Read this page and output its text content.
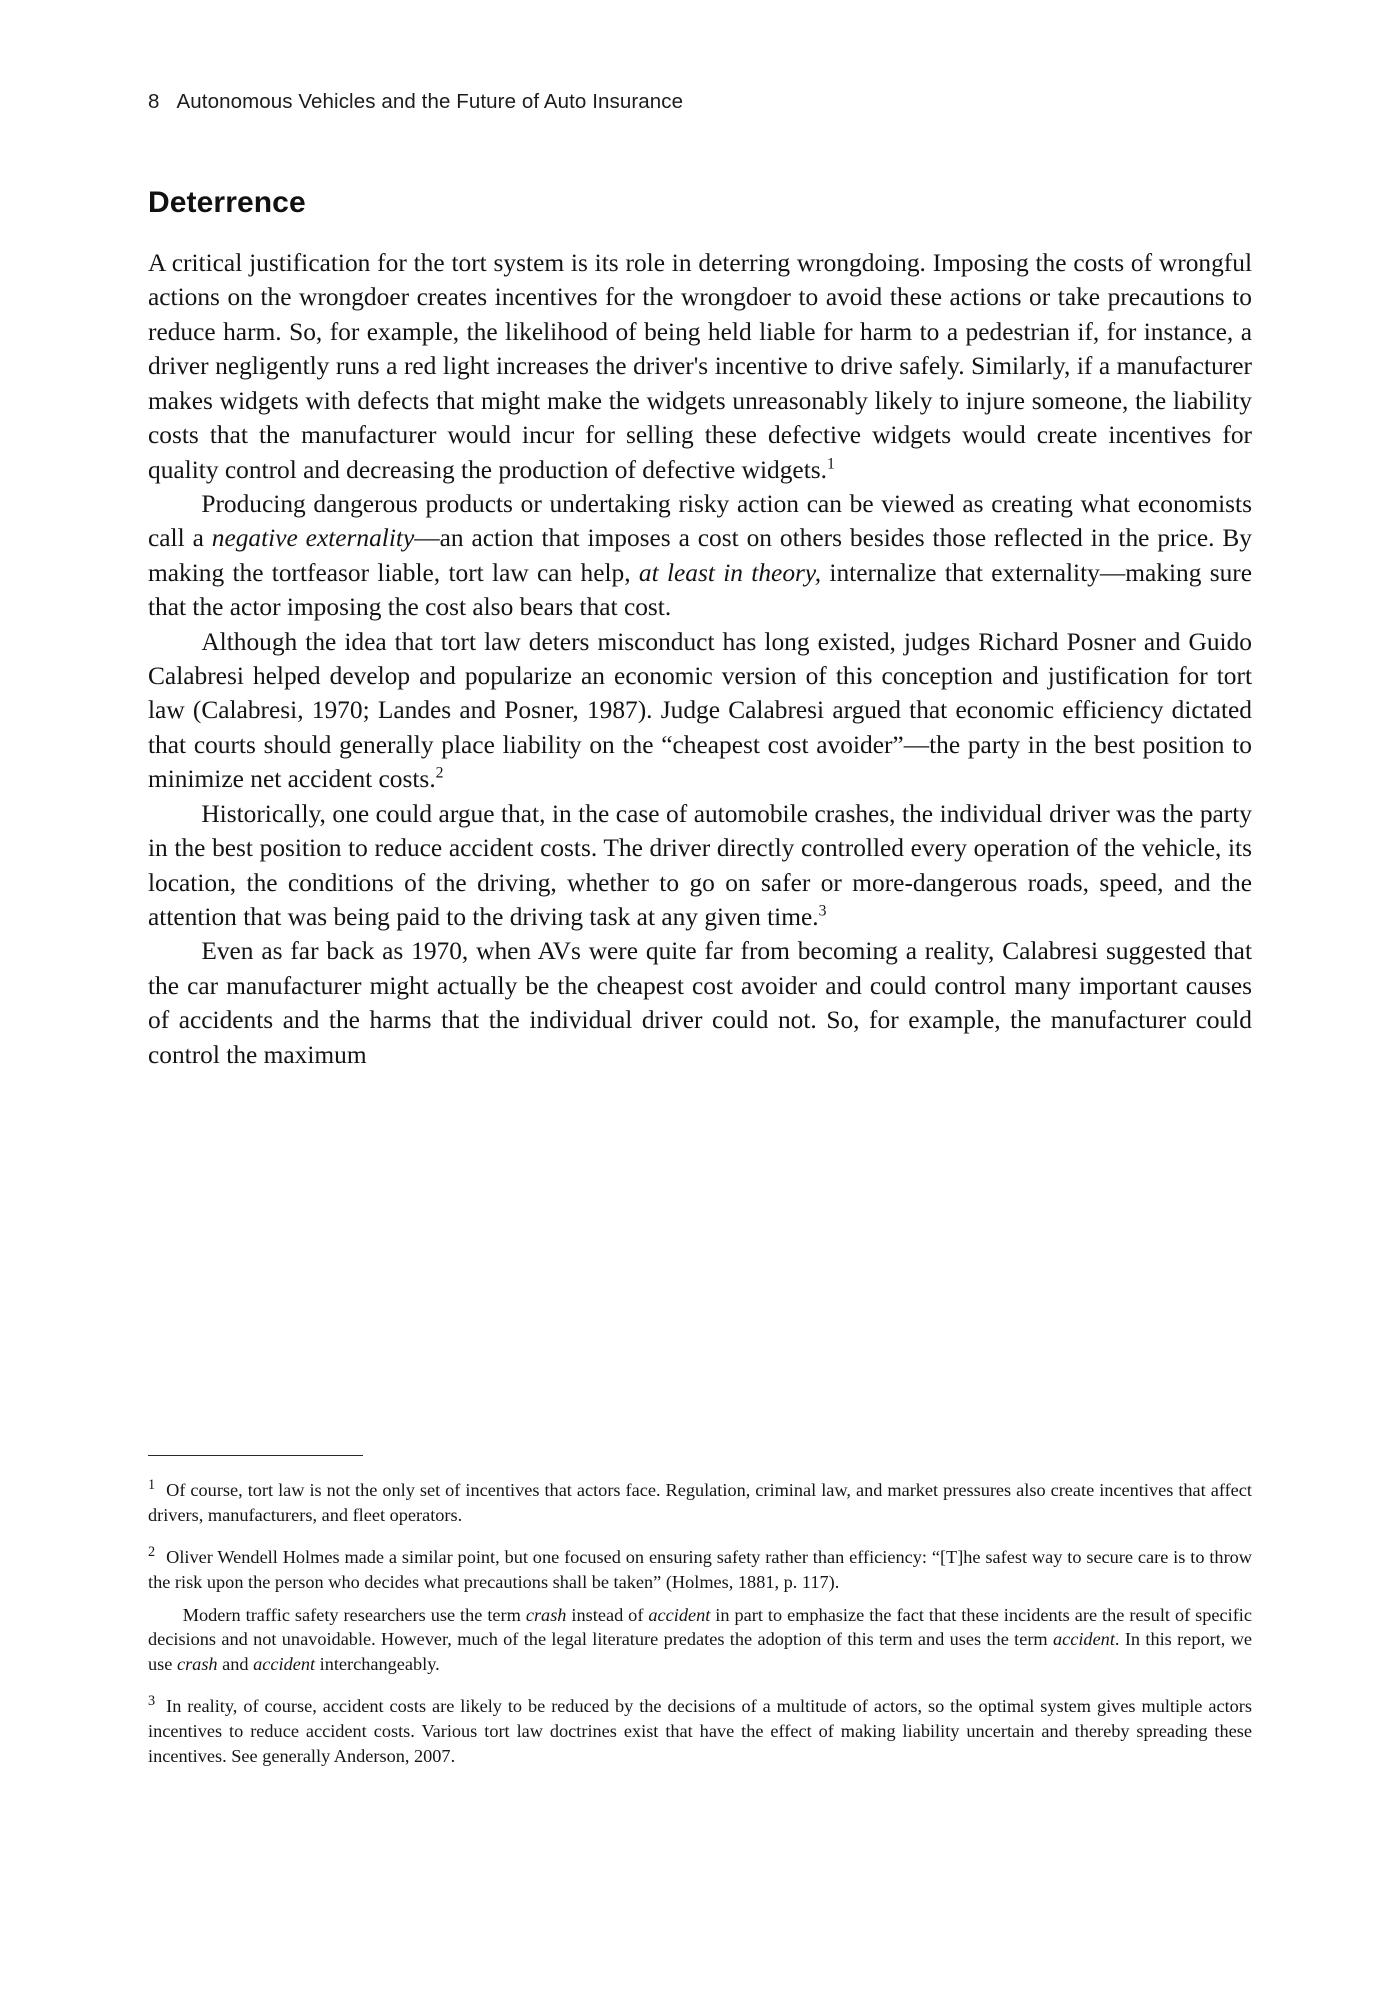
8 Autonomous Vehicles and the Future of Auto Insurance
Deterrence

A critical justification for the tort system is its role in deterring wrongdoing. Imposing the costs of wrongful actions on the wrongdoer creates incentives for the wrongdoer to avoid these actions or take precautions to reduce harm. So, for example, the likelihood of being held liable for harm to a pedestrian if, for instance, a driver negligently runs a red light increases the driver's incentive to drive safely. Similarly, if a manufacturer makes widgets with defects that might make the widgets unreasonably likely to injure someone, the liability costs that the manufacturer would incur for selling these defective widgets would create incentives for quality control and decreasing the production of defective widgets.$^1$

Producing dangerous products or undertaking risky action can be viewed as creating what economists call a negative externality—an action that imposes a cost on others besides those reflected in the price. By making the tortfeasor liable, tort law can help, at least in theory, internalize that externality—making sure that the actor imposing the cost also bears that cost.

Although the idea that tort law deters misconduct has long existed, judges Richard Posner and Guido Calabresi helped develop and popularize an economic version of this conception and justification for tort law (Calabresi, 1970; Landes and Posner, 1987). Judge Calabresi argued that economic efficiency dictated that courts should generally place liability on the “cheapest cost avoider”—the party in the best position to minimize net accident costs.$^2$

Historically, one could argue that, in the case of automobile crashes, the individual driver was the party in the best position to reduce accident costs. The driver directly controlled every operation of the vehicle, its location, the conditions of the driving, whether to go on safer or more-dangerous roads, speed, and the attention that was being paid to the driving task at any given time.$^3$

Even as far back as 1970, when AVs were quite far from becoming a reality, Calabresi suggested that the car manufacturer might actually be the cheapest cost avoider and could control many important causes of accidents and the harms that the individual driver could not. So, for example, the manufacturer could control the maximum

$^1$ Of course, tort law is not the only set of incentives that actors face. Regulation, criminal law, and market pressures also create incentives that affect drivers, manufacturers, and fleet operators.

$^2$ Oliver Wendell Holmes made a similar point, but one focused on ensuring safety rather than efficiency: “[T]he safest way to secure care is to throw the risk upon the person who decides what precautions shall be taken” (Holmes, 1881, p. 117).

Modern traffic safety researchers use the term crash instead of accident in part to emphasize the fact that these incidents are the result of specific decisions and not unavoidable. However, much of the legal literature predates the adoption of this term and uses the term accident. In this report, we use crash and accident interchangeably.

$^3$ In reality, of course, accident costs are likely to be reduced by the decisions of a multitude of actors, so the optimal system gives multiple actors incentives to reduce accident costs. Various tort law doctrines exist that have the effect of making liability uncertain and thereby spreading these incentives. See generally Anderson, 2007.
